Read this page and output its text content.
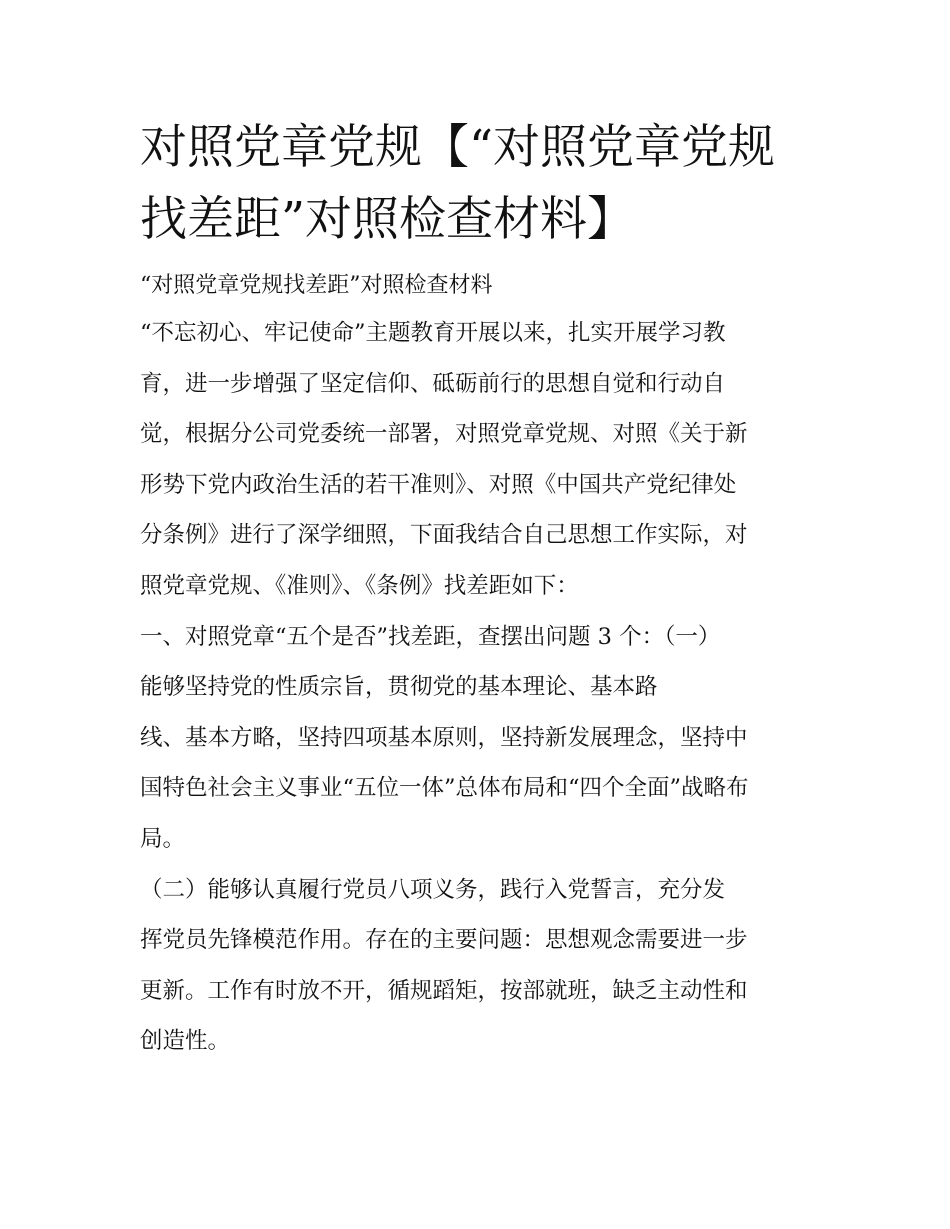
对照党章党规【“对照党章党规
找差距”对照检查材料】

“对照党章党规找差距”对照检查材料

“不忘初心、牢记使命”主题教育开展以来，扎实开展学习教
育，进一步增强了坚定信仰、砥砺前行的思想自觉和行动自
觉，根据分公司党委统一部署，对照党章党规、对照《关于新
形势下党内政治生活的若干准则》、对照《中国共产党纪律处
分条例》进行了深学细照，下面我结合自己思想工作实际，对
照党章党规、《准则》、《条例》找差距如下：
一、对照党章“五个是否”找差距，查摆出问题 3 个：（一）
能够坚持党的性质宗旨，贯彻党的基本理论、基本路
线、基本方略，坚持四项基本原则，坚持新发展理念，坚持中
国特色社会主义事业“五位一体”总体布局和“四个全面”战略布
局。
（二）能够认真履行党员八项义务，践行入党誓言，充分发
挥党员先锋模范作用。存在的主要问题：思想观念需要进一步
更新。工作有时放不开，循规蹈矩，按部就班，缺乏主动性和
创造性。
